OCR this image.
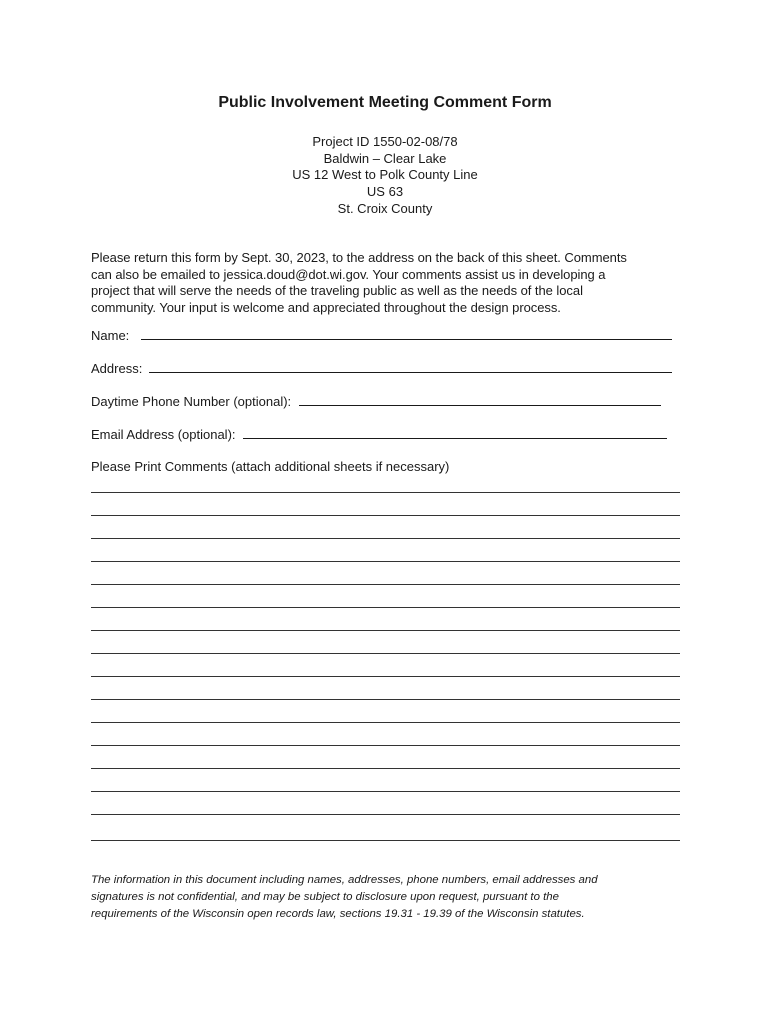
Public Involvement Meeting Comment Form
Project ID 1550-02-08/78
Baldwin – Clear Lake
US 12 West to Polk County Line
US 63
St. Croix County
Please return this form by Sept. 30, 2023, to the address on the back of this sheet. Comments
can also be emailed to jessica.doud@dot.wi.gov. Your comments assist us in developing a
project that will serve the needs of the traveling public as well as the needs of the local
community. Your input is welcome and appreciated throughout the design process.
Name:
Address:
Daytime Phone Number (optional):
Email Address (optional):
Please Print Comments (attach additional sheets if necessary)
The information in this document including names, addresses, phone numbers, email addresses and
signatures is not confidential, and may be subject to disclosure upon request, pursuant to the
requirements of the Wisconsin open records law, sections 19.31 - 19.39 of the Wisconsin statutes.
